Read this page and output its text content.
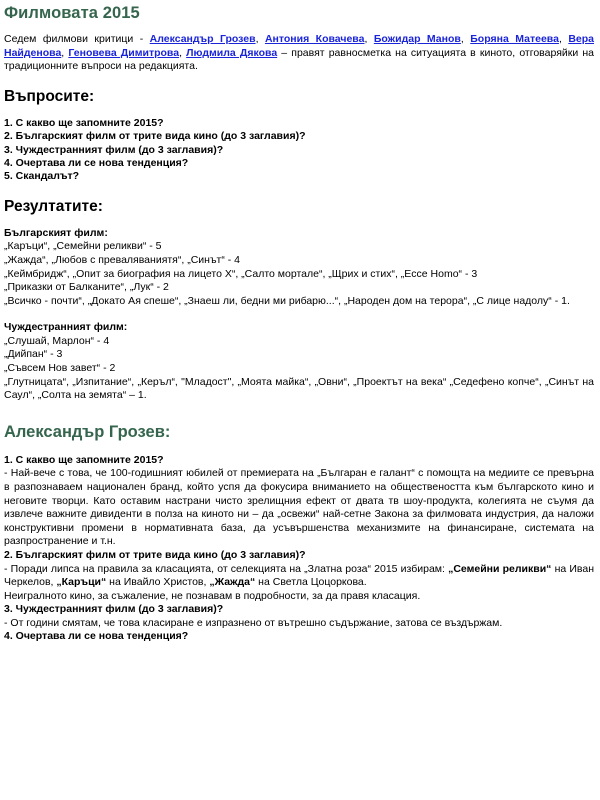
Филмовата 2015

Седем филмови критици - Александър Грозев, Антония Ковачева, Божидар Манов, Боряна Матеева, Вера Найденова, Геновева Димитрова, Людмила Дякова – правят равносметка на ситуацията в киното, отговаряйки на традиционните въпроси на редакцията.

Въпросите:
1. С какво ще запомните 2015?
2. Българският филм от трите вида кино (до 3 заглавия)?
3. Чуждестранният филм (до 3 заглавия)?
4. Очертава ли се нова тенденция?
5. Скандалът?
Резултатите:
Българският филм:

„Каръци“, „Семейни реликви“ - 5

„Жажда“, „Любов с преваляваниятя“, „Синът“ - 4

„Кеймбридж“, „Опит за биография на лицето Х“, „Салто мортале“, „Щрих и стих“, „Ecce Homo“ - 3

„Приказки от Балканите“, „Лук“ - 2

„Всичко - почти“, „Докато Ая спеше“, „Знаеш ли, бедни ми рибарю...“, „Народен дом на терора“, „С лице надолу“ - 1.

Чуждестранният филм:

„Слушай, Марлон“ - 4

„Дийпан“ - 3

„Съвсем Нов завет“ - 2

„Глутницата“, „Изпитание“, „Керъл“, "Младост", „Моята майка“, „Овни“, „Проектът на века“ „Седефено копче“, „Синът на Саул“, „Солта на земята“ – 1.

Александър Грозев:

1. С какво ще запомните 2015?

- Най-вече с това, че 100-годишният юбилей от премиерата на „Българан е галант“ с помощта на медиите се превърна в разпознаваем национален бранд, който успя да фокусира вниманието на обществеността към българското кино и неговите творци. Като оставим настрани чисто зрелищния ефект от двата тв шоу-продукта, колегията не съумя да извлече важните дивиденти в полза на киното ни – да „освежи“ най-сетне Закона за филмовата индустрия, да наложи конструктивни промени в нормативната база, да усъвършенства механизмите на финансиране, системата на разпространение и т.н.

2. Българският филм от трите вида кино (до 3 заглавия)?

- Поради липса на правила за класацията, от селекцията на „Златна роза“ 2015 избирам: „Семейни реликви“ на Иван Черкелов, „Каръци“ на Ивайло Христов, „Жажда“ на Светла Цоцоркова.

Неигралното кино, за съжаление, не познавам в подробности, за да правя класация.

3. Чуждестранният филм (до 3 заглавия)?

- От години смятам, че това класиране е изпразнено от вътрешно съдържание, затова се въздържам.

4. Очертава ли се нова тенденция?
